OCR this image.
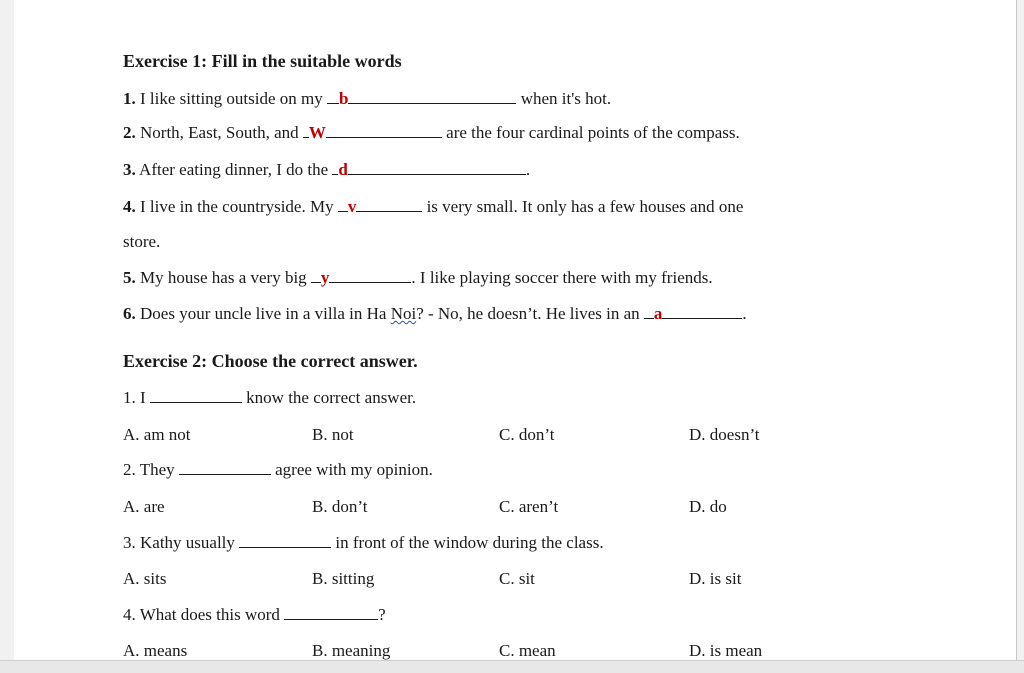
Exercise 1: Fill in the suitable words
1. I like sitting outside on my b	when it's hot.
2. North, East, South, and W	are the four cardinal points of the compass.
3. After eating dinner, I do the d	.
4. I live in the countryside. My v	is very small. It only has a few houses and one
store.
5. My house has a very big y	. I like playing soccer there with my friends.
6. Does your uncle live in a villa in Ha Noi? - No, he doesn’t. He lives in an a	.
Exercise 2: Choose the correct answer.
1. I	know the correct answer.
A. am not	B. not	C. don’t	D. doesn’t
2. They	agree with my opinion.
A. are	B. don’t	C. aren’t	D. do
3. Kathy usually	in front of the window during the class.
A. sits	B. sitting	C. sit	D. is sit
4. What does this word	?
A. means	B. meaning	C. mean	D. is mean
